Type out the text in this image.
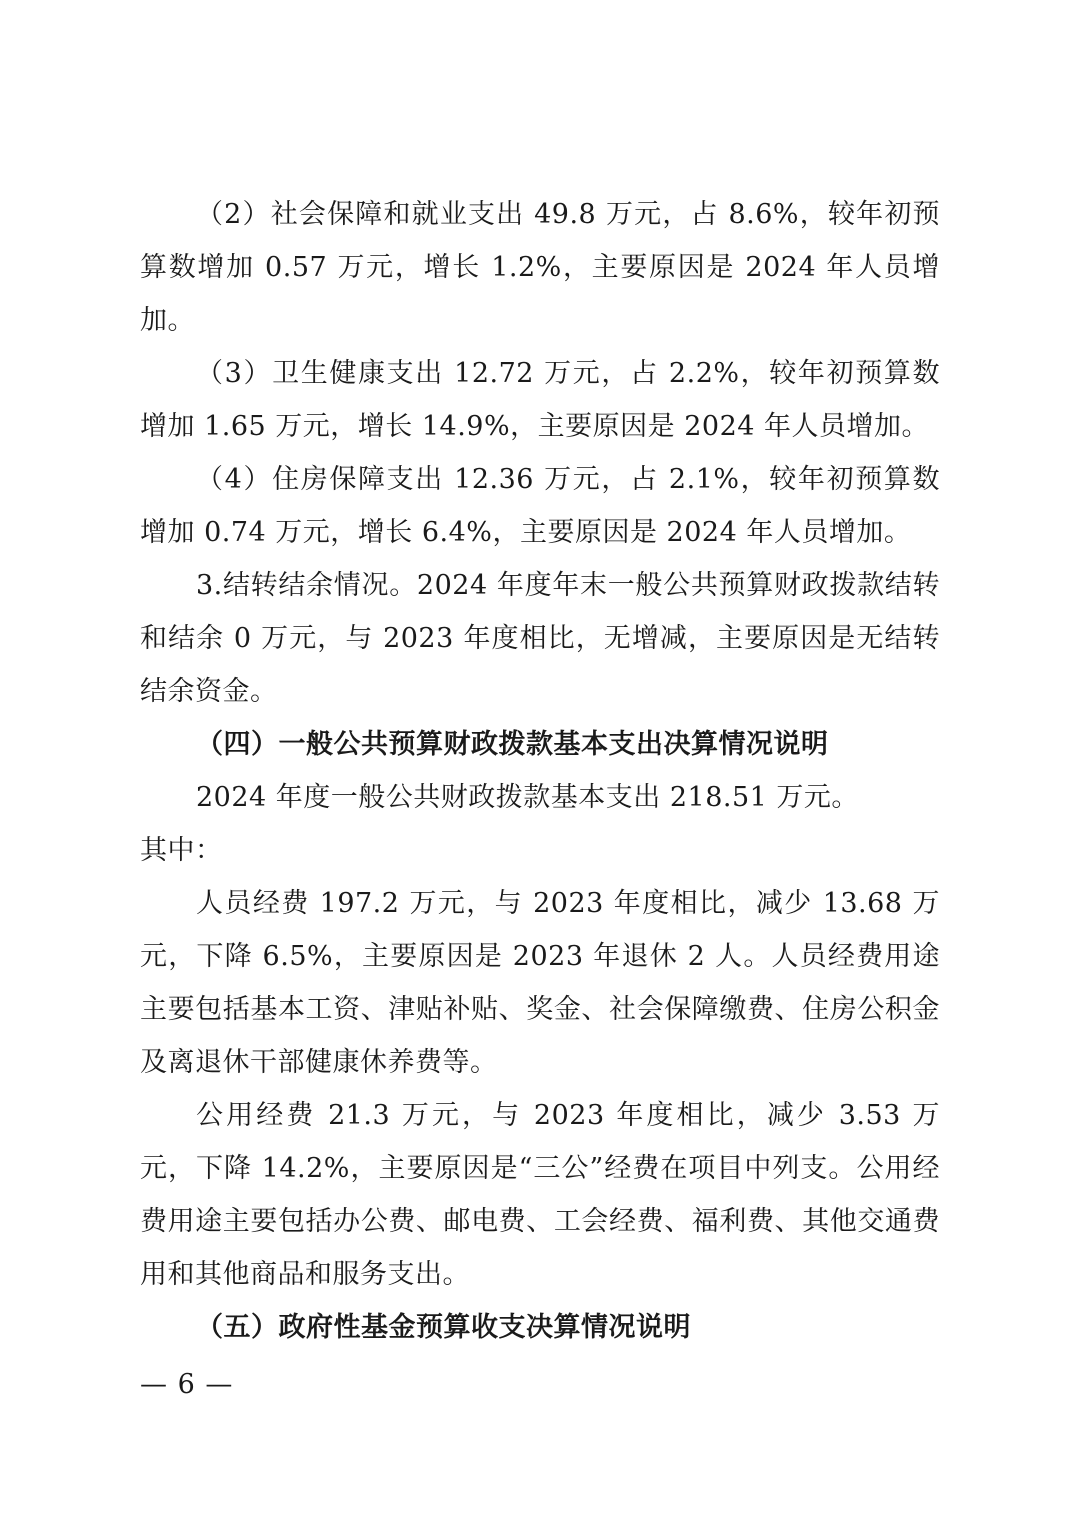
（2）社会保障和就业支出 49.8 万元，占 8.6%，较年初预算数增加 0.57 万元，增长 1.2%，主要原因是 2024 年人员增加。

（3）卫生健康支出 12.72 万元，占 2.2%，较年初预算数增加 1.65 万元，增长 14.9%，主要原因是 2024 年人员增加。

（4）住房保障支出 12.36 万元，占 2.1%，较年初预算数增加 0.74 万元，增长 6.4%，主要原因是 2024 年人员增加。

3.结转结余情况。2024 年度年末一般公共预算财政拨款结转和结余 0 万元，与 2023 年度相比，无增减，主要原因是无结转结余资金。

（四）一般公共预算财政拨款基本支出决算情况说明

2024 年度一般公共财政拨款基本支出 218.51 万元。

其中：

人员经费 197.2 万元，与 2023 年度相比，减少 13.68 万元，下降 6.5%，主要原因是 2023 年退休 2 人。人员经费用途主要包括基本工资、津贴补贴、奖金、社会保障缴费、住房公积金及离退休干部健康休养费等。

公用经费 21.3 万元，与 2023 年度相比，减少 3.53 万元，下降 14.2%，主要原因是“三公”经费在项目中列支。公用经费用途主要包括办公费、邮电费、工会经费、福利费、其他交通费用和其他商品和服务支出。

（五）政府性基金预算收支决算情况说明

— 6 —
